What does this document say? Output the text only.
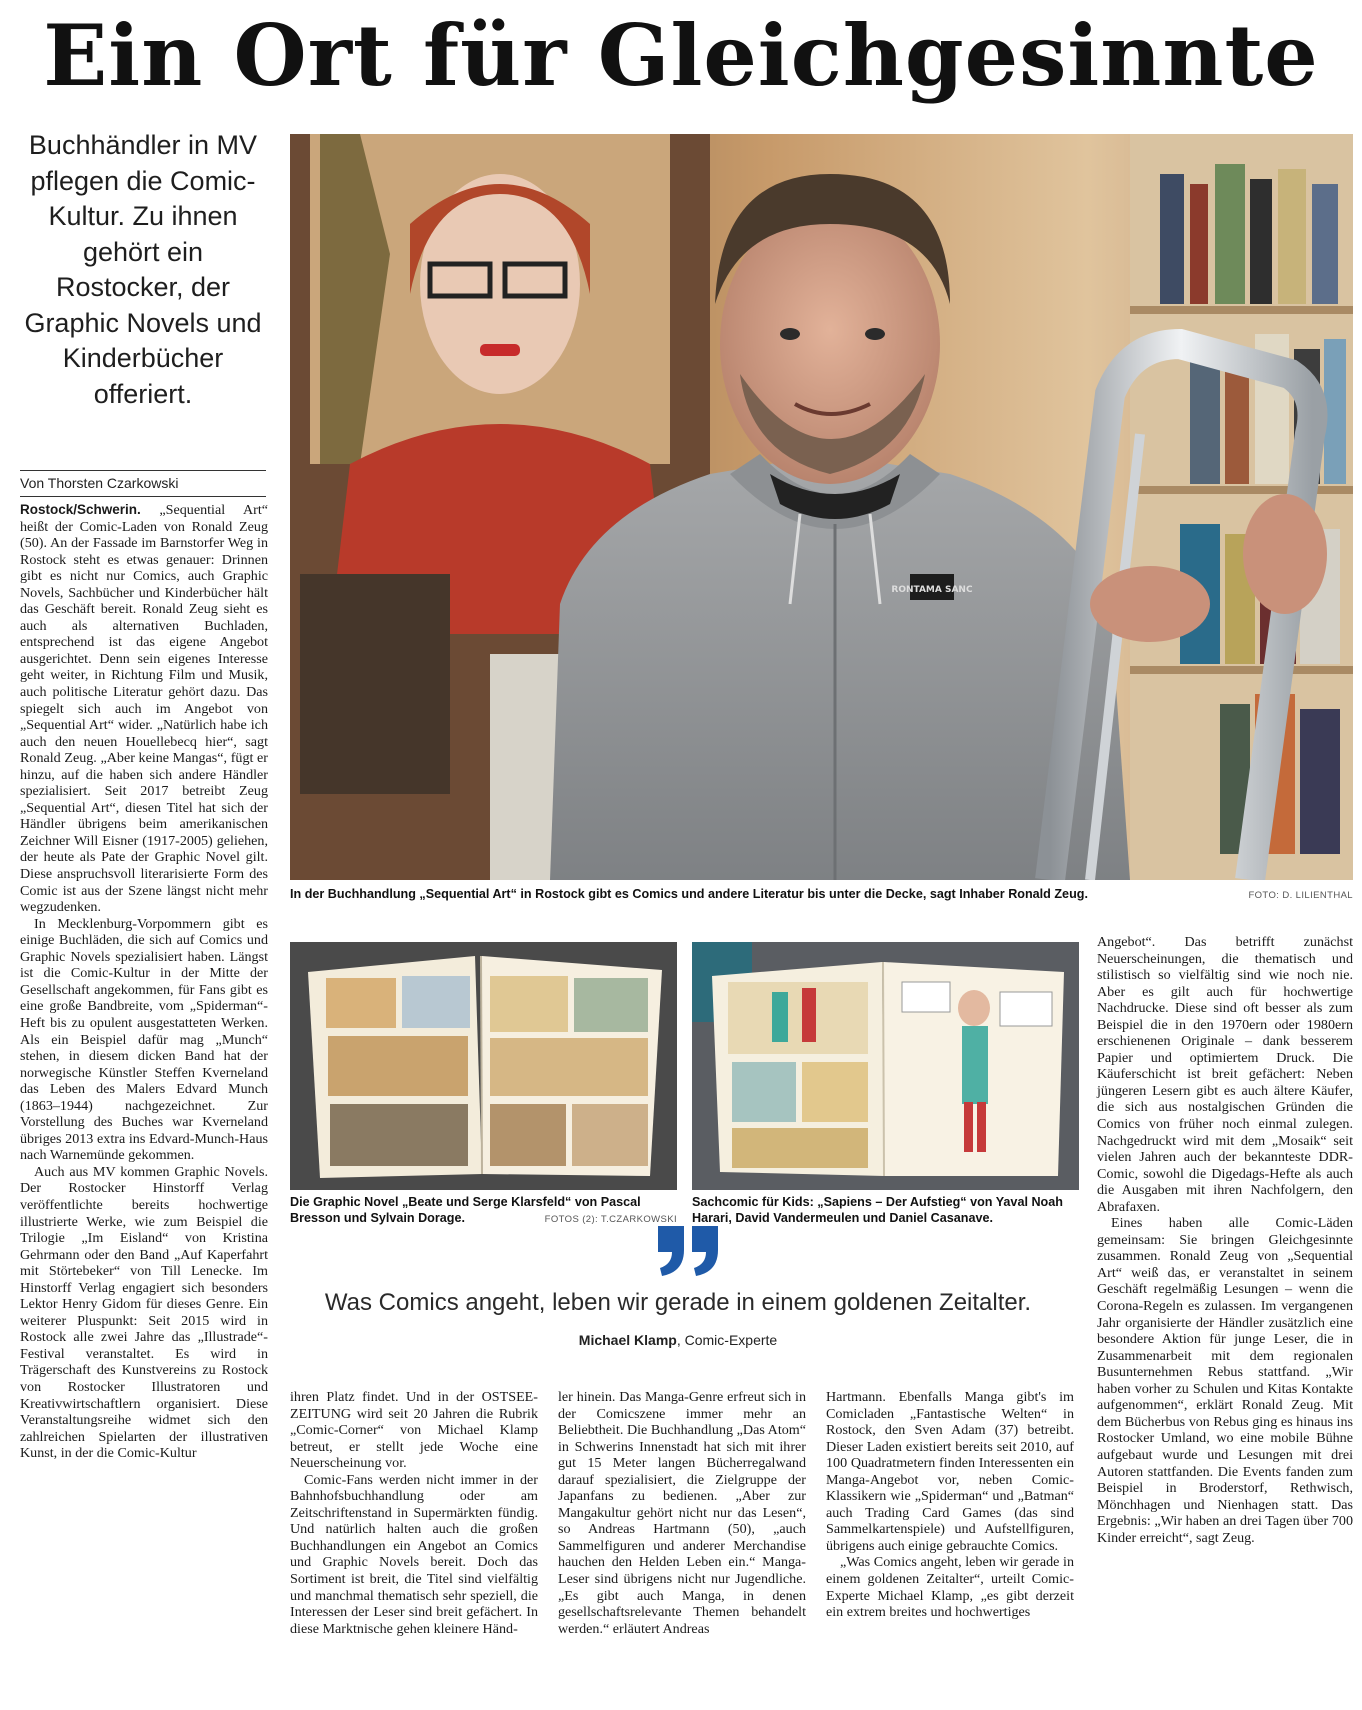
Ein Ort für Gleichgesinnte
Buchhändler in MV pflegen die Comic-Kultur. Zu ihnen gehört ein Rostocker, der Graphic Novels und Kinderbücher offeriert.
Von Thorsten Czarkowski

Rostock/Schwerin. „Sequential Art“ heißt der Comic-Laden von Ronald Zeug (50). An der Fassade im Barnstorfer Weg in Rostock steht es etwas genauer: Drinnen gibt es nicht nur Comics, auch Graphic Novels, Sachbücher und Kinderbücher hält das Geschäft bereit. Ronald Zeug sieht es auch als alternativen Buchladen, entsprechend ist das eigene Angebot ausgerichtet. Denn sein eigenes Interesse geht weiter, in Richtung Film und Musik, auch politische Literatur gehört dazu. Das spiegelt sich auch im Angebot von „Sequential Art“ wider. „Natürlich habe ich auch den neuen Houellebecq hier“, sagt Ronald Zeug. „Aber keine Mangas“, fügt er hinzu, auf die haben sich andere Händler spezialisiert. Seit 2017 betreibt Zeug „Sequential Art“, diesen Titel hat sich der Händler übrigens beim amerikanischen Zeichner Will Eisner (1917-2005) geliehen, der heute als Pate der Graphic Novel gilt. Diese anspruchsvoll literarisierte Form des Comic ist aus der Szene längst nicht mehr wegzudenken.

In Mecklenburg-Vorpommern gibt es einige Buchläden, die sich auf Comics und Graphic Novels spezialisiert haben. Längst ist die Comic-Kultur in der Mitte der Gesellschaft angekommen, für Fans gibt es eine große Bandbreite, vom „Spiderman“-Heft bis zu opulent ausgestatteten Werken. Als ein Beispiel dafür mag „Munch“ stehen, in diesem dicken Band hat der norwegische Künstler Steffen Kverneland das Leben des Malers Edvard Munch (1863–1944) nachgezeichnet. Zur Vorstellung des Buches war Kverneland übriges 2013 extra ins Edvard-Munch-Haus nach Warnemünde gekommen.

Auch aus MV kommen Graphic Novels. Der Rostocker Hinstorff Verlag veröffentlichte bereits hochwertige illustrierte Werke, wie zum Beispiel die Trilogie „Im Eisland“ von Kristina Gehrmann oder den Band „Auf Kaperfahrt mit Störtebeker“ von Till Lenecke. Im Hinstorff Verlag engagiert sich besonders Lektor Henry Gidom für dieses Genre. Ein weiterer Pluspunkt: Seit 2015 wird in Rostock alle zwei Jahre das „Illustrade“-Festival veranstaltet. Es wird in Trägerschaft des Kunstvereins zu Rostock von Rostocker Illustratoren und Kreativwirtschaftlern organisiert. Diese Veranstaltungsreihe widmet sich den zahlreichen Spielarten der illustrativen Kunst, in der die Comic-Kultur

RONTAMA SANC
In der Buchhandlung „Sequential Art“ in Rostock gibt es Comics und andere Literatur bis unter die Decke, sagt Inhaber Ronald Zeug.	FOTO: D. LILIENTHAL
Die Graphic Novel „Beate und Serge Klarsfeld“ von Pascal Bresson und Sylvain Dorage.	FOTOS (2): T.CZARKOWSKI
Sachcomic für Kids: „Sapiens – Der Aufstieg“ von Yaval Noah Harari, David Vandermeulen und Daniel Casanave.
Was Comics angeht, leben wir gerade in einem goldenen Zeitalter.
Michael Klamp, Comic-Experte

ihren Platz findet. Und in der OSTSEE-ZEITUNG wird seit 20 Jahren die Rubrik „Comic-Corner“ von Michael Klamp betreut, er stellt jede Woche eine Neuerscheinung vor.

Comic-Fans werden nicht immer in der Bahnhofsbuchhandlung oder am Zeitschriftenstand in Supermärkten fündig. Und natürlich halten auch die großen Buchhandlungen ein Angebot an Comics und Graphic Novels bereit. Doch das Sortiment ist breit, die Titel sind vielfältig und manchmal thematisch sehr speziell, die Interessen der Leser sind breit gefächert. In diese Marktnische gehen kleinere Händ-

ler hinein. Das Manga-Genre erfreut sich in der Comicszene immer mehr an Beliebtheit. Die Buchhandlung „Das Atom“ in Schwerins Innenstadt hat sich mit ihrer gut 15 Meter langen Bücherregalwand darauf spezialisiert, die Zielgruppe der Japanfans zu bedienen. „Aber zur Mangakultur gehört nicht nur das Lesen“, so Andreas Hartmann (50), „auch Sammelfiguren und anderer Merchandise hauchen den Helden Leben ein.“ Manga-Leser sind übrigens nicht nur Jugendliche. „Es gibt auch Manga, in denen gesellschaftsrelevante Themen behandelt werden.“ erläutert Andreas

Hartmann. Ebenfalls Manga gibt's im Comicladen „Fantastische Welten“ in Rostock, den Sven Adam (37) betreibt. Dieser Laden existiert bereits seit 2010, auf 100 Quadratmetern finden Interessenten ein Manga-Angebot vor, neben Comic-Klassikern wie „Spiderman“ und „Batman“ auch Trading Card Games (das sind Sammelkartenspiele) und Aufstellfiguren, übrigens auch einige gebrauchte Comics.

„Was Comics angeht, leben wir gerade in einem goldenen Zeitalter“, urteilt Comic-Experte Michael Klamp, „es gibt derzeit ein extrem breites und hochwertiges

Angebot“. Das betrifft zunächst Neuerscheinungen, die thematisch und stilistisch so vielfältig sind wie noch nie. Aber es gilt auch für hochwertige Nachdrucke. Diese sind oft besser als zum Beispiel die in den 1970ern oder 1980ern erschienenen Originale – dank besserem Papier und optimiertem Druck. Die Käuferschicht ist breit gefächert: Neben jüngeren Lesern gibt es auch ältere Käufer, die sich aus nostalgischen Gründen die Comics von früher noch einmal zulegen. Nachgedruckt wird mit dem „Mosaik“ seit vielen Jahren auch der bekannteste DDR-Comic, sowohl die Digedags-Hefte als auch die Ausgaben mit ihren Nachfolgern, den Abrafaxen.

Eines haben alle Comic-Läden gemeinsam: Sie bringen Gleichgesinnte zusammen. Ronald Zeug von „Sequential Art“ weiß das, er veranstaltet in seinem Geschäft regelmäßig Lesungen – wenn die Corona-Regeln es zulassen. Im vergangenen Jahr organisierte der Händler zusätzlich eine besondere Aktion für junge Leser, die in Zusammenarbeit mit dem regionalen Busunternehmen Rebus stattfand. „Wir haben vorher zu Schulen und Kitas Kontakte aufgenommen“, erklärt Ronald Zeug. Mit dem Bücherbus von Rebus ging es hinaus ins Rostocker Umland, wo eine mobile Bühne aufgebaut wurde und Lesungen mit drei Autoren stattfanden. Die Events fanden zum Beispiel in Broderstorf, Rethwisch, Mönchhagen und Nienhagen statt. Das Ergebnis: „Wir haben an drei Tagen über 700 Kinder erreicht“, sagt Zeug.
